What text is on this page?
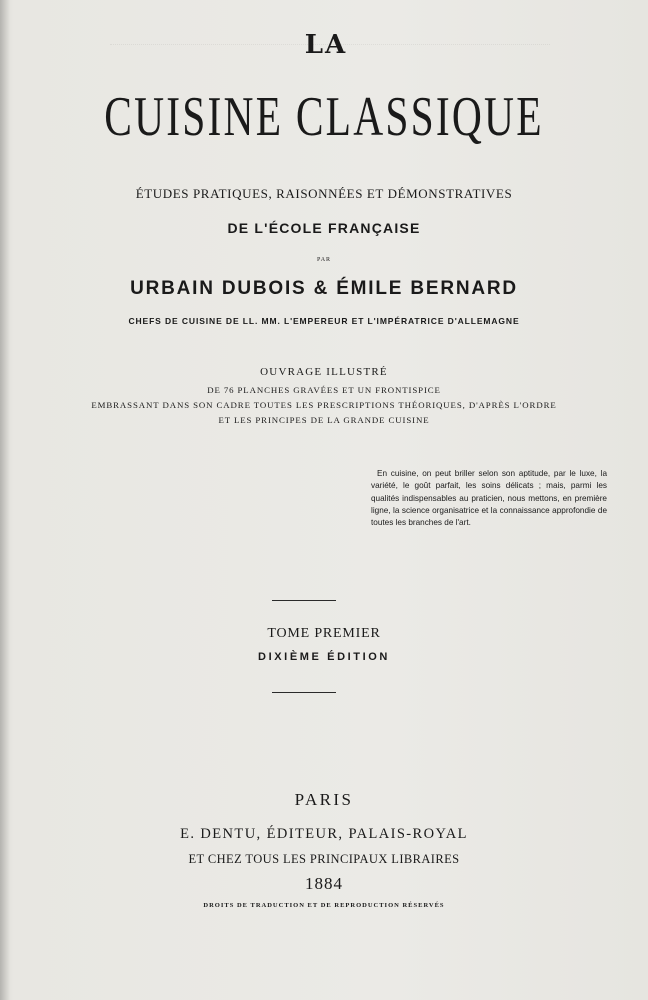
LA

CUISINE CLASSIQUE

ÉTUDES PRATIQUES, RAISONNÉES ET DÉMONSTRATIVES

DE L'ÉCOLE FRANÇAISE

PAR

URBAIN DUBOIS & ÉMILE BERNARD

CHEFS DE CUISINE DE LL. MM. L'EMPEREUR ET L'IMPÉRATRICE D'ALLEMAGNE

OUVRAGE ILLUSTRÉ

DE 76 PLANCHES GRAVÉES ET UN FRONTISPICE

EMBRASSANT DANS SON CADRE TOUTES LES PRESCRIPTIONS THÉORIQUES, D'APRÈS L'ORDRE

ET LES PRINCIPES DE LA GRANDE CUISINE

En cuisine, on peut briller selon son aptitude, par le luxe, la variété, le goût parfait, les soins délicats ; mais, parmi les qualités indispensables au praticien, nous mettons, en première ligne, la science organisatrice et la connaissance approfondie de toutes les branches de l'art.

TOME PREMIER

DIXIÈME ÉDITION

PARIS

E. DENTU, ÉDITEUR, PALAIS-ROYAL

ET CHEZ TOUS LES PRINCIPAUX LIBRAIRES

1884

DROITS DE TRADUCTION ET DE REPRODUCTION RÉSERVÉS
